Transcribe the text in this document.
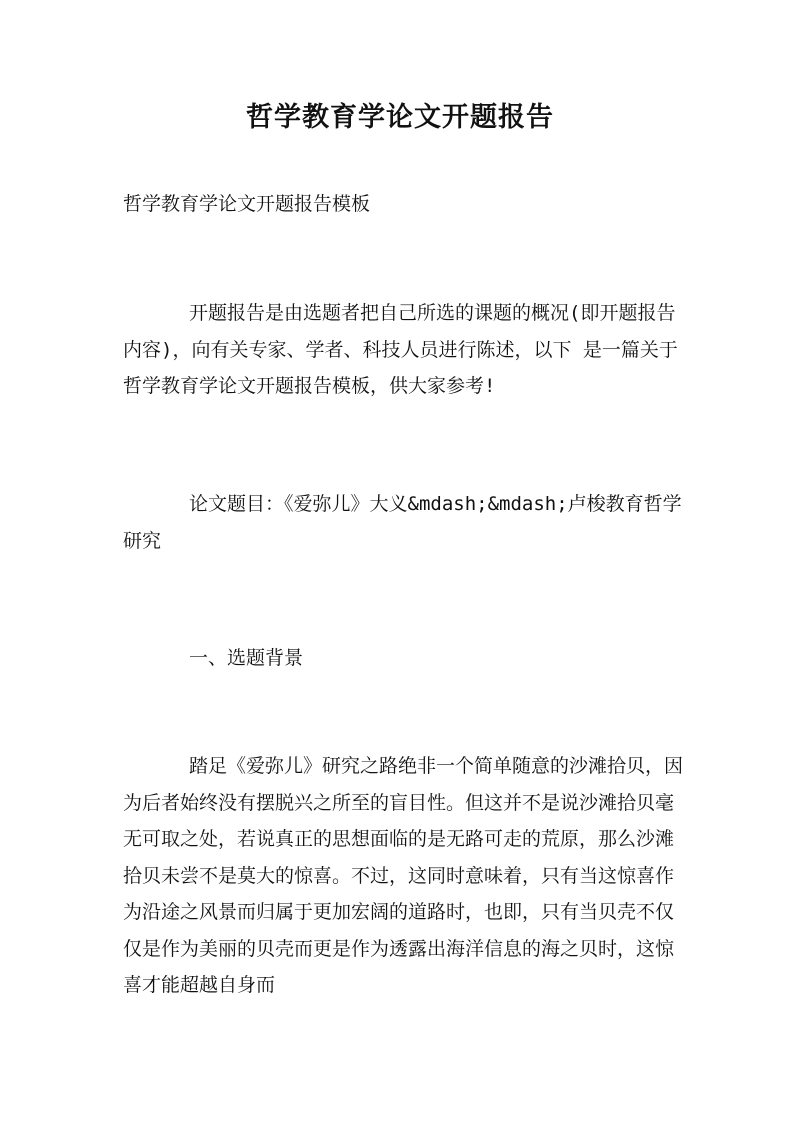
哲学教育学论文开题报告

哲学教育学论文开题报告模板

开题报告是由选题者把自己所选的课题的概况(即开题报告内容)，向有关专家、学者、科技人员进行陈述，以下 是一篇关于哲学教育学论文开题报告模板，供大家参考!

论文题目：《爱弥儿》大义&mdash;&mdash;卢梭教育哲学研究

一、选题背景

踏足《爱弥儿》研究之路绝非一个简单随意的沙滩拾贝，因为后者始终没有摆脱兴之所至的盲目性。但这并不是说沙滩拾贝毫无可取之处，若说真正的思想面临的是无路可走的荒原，那么沙滩拾贝未尝不是莫大的惊喜。不过，这同时意味着，只有当这惊喜作为沿途之风景而归属于更加宏阔的道路时，也即，只有当贝壳不仅仅是作为美丽的贝壳而更是作为透露出海洋信息的海之贝时，这惊喜才能超越自身而
